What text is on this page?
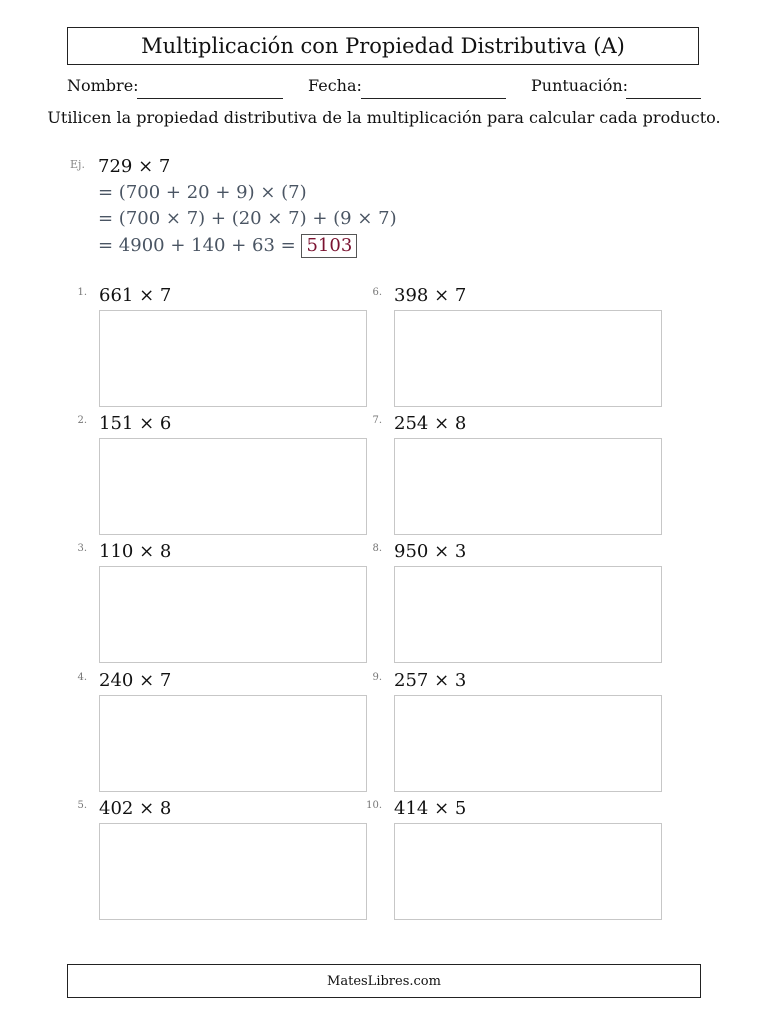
Multiplicación con Propiedad Distributiva (A)
Nombre:	Fecha:	Puntuación:
Utilicen la propiedad distributiva de la multiplicación para calcular cada producto.
Ej. 729 × 7
= (700 + 20 + 9) × (7)
= (700 × 7) + (20 × 7) + (9 × 7)
= 4900 + 140 + 63 = 5103
1. 661 × 7
2. 151 × 6
3. 110 × 8
4. 240 × 7
5. 402 × 8
6. 398 × 7
7. 254 × 8
8. 950 × 3
9. 257 × 3
10. 414 × 5
MatesLibres.com
